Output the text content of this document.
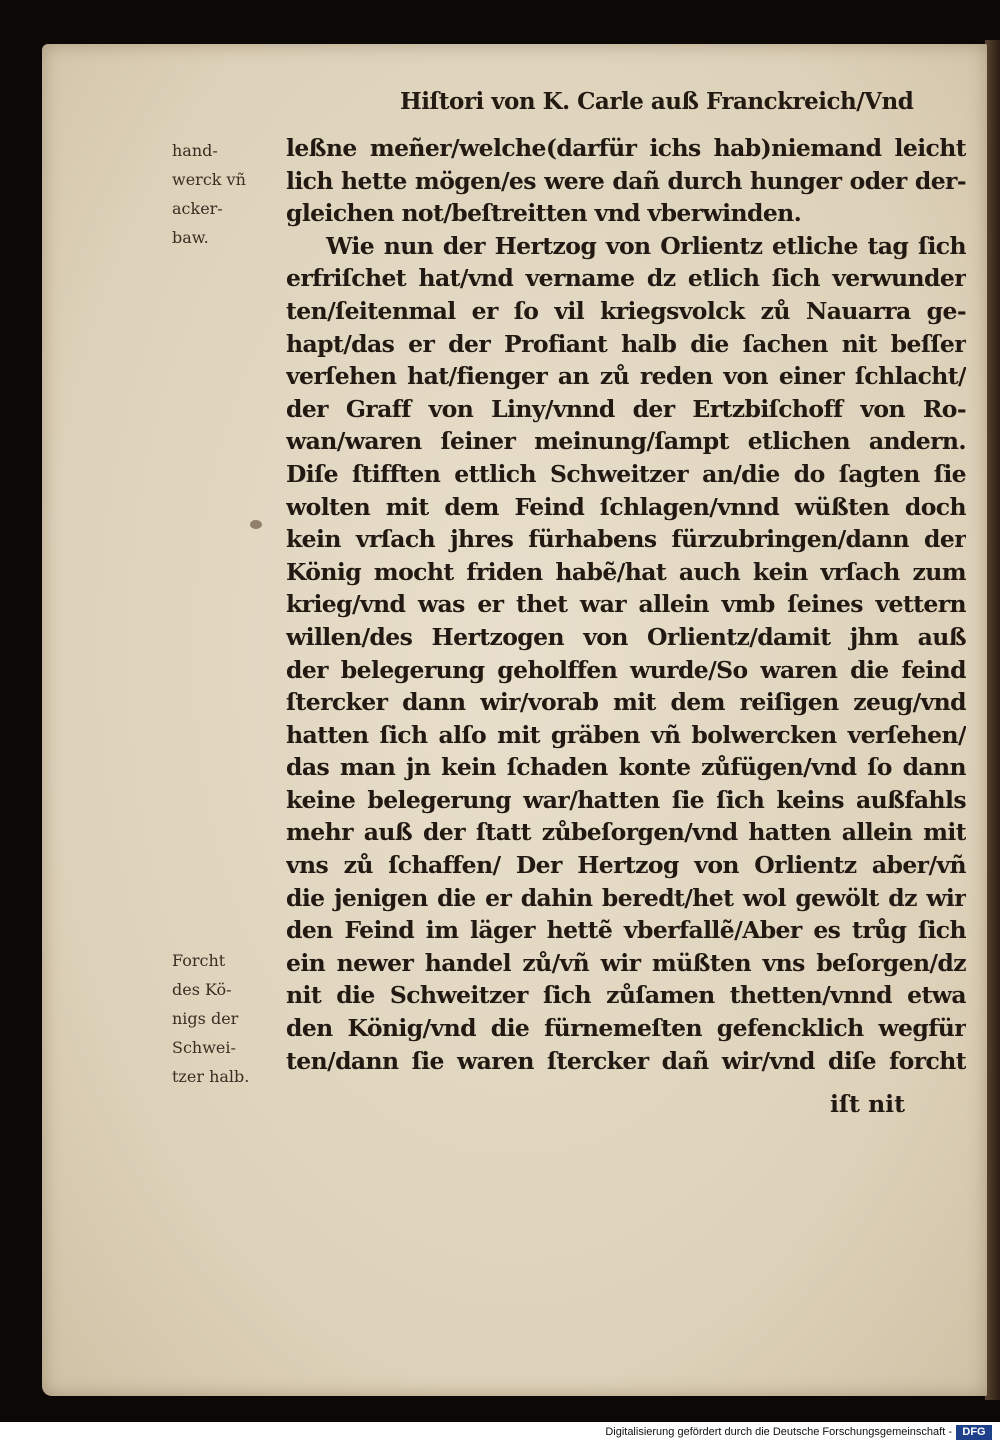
Hiſtori von K. Carle auß Franckreich/Vnd
hand-
werck vñ
acker-
baw.
Forcht
des Kö-
nigs der
Schwei-
tzer halb.
leßne meñer/welche(darfür ichs hab)niemand leicht
lich hette mögen/es were dañ durch hunger oder der-
gleichen not/beſtreitten vnd vberwinden.
Wie nun der Hertzog von Orlientz etliche tag ſich
erfriſchet hat/vnd vername dz etlich ſich verwunder
ten/ſeitenmal er ſo vil kriegsvolck zů Nauarra ge-
hapt/das er der Profiant halb die ſachen nit beſſer
verſehen hat/fienger an zů reden von einer ſchlacht/
der Graff von Liny/vnnd der Ertzbiſchoff von Ro-
wan/waren ſeiner meinung/ſampt etlichen andern.
Diſe ſtifften ettlich Schweitzer an/die do ſagten ſie
wolten mit dem Feind ſchlagen/vnnd wüßten doch
kein vrſach jhres fürhabens fürzubringen/dann der
König mocht friden habẽ/hat auch kein vrſach zum
krieg/vnd was er thet war allein vmb ſeines vettern
willen/des Hertzogen von Orlientz/damit jhm auß
der belegerung geholffen wurde/So waren die feind
ſtercker dann wir/vorab mit dem reiſigen zeug/vnd
hatten ſich alſo mit gräben vñ bolwercken verſehen/
das man jn kein ſchaden konte zůfügen/vnd ſo dann
keine belegerung war/hatten ſie ſich keins außfahls
mehr auß der ſtatt zůbeſorgen/vnd hatten allein mit
vns zů ſchaffen/ Der Hertzog von Orlientz aber/vñ
die jenigen die er dahin beredt/het wol gewölt dz wir
den Feind im läger hettẽ vberfallẽ/Aber es trůg ſich
ein newer handel zů/vñ wir müßten vns beſorgen/dz
nit die Schweitzer ſich zůſamen thetten/vnnd etwa
den König/vnd die fürnemeſten gefencklich wegfür
ten/dann ſie waren ſtercker dañ wir/vnd diſe forcht
iſt nit
Digitalisierung gefördert durch die Deutsche Forschungsgemeinschaft - DFG
